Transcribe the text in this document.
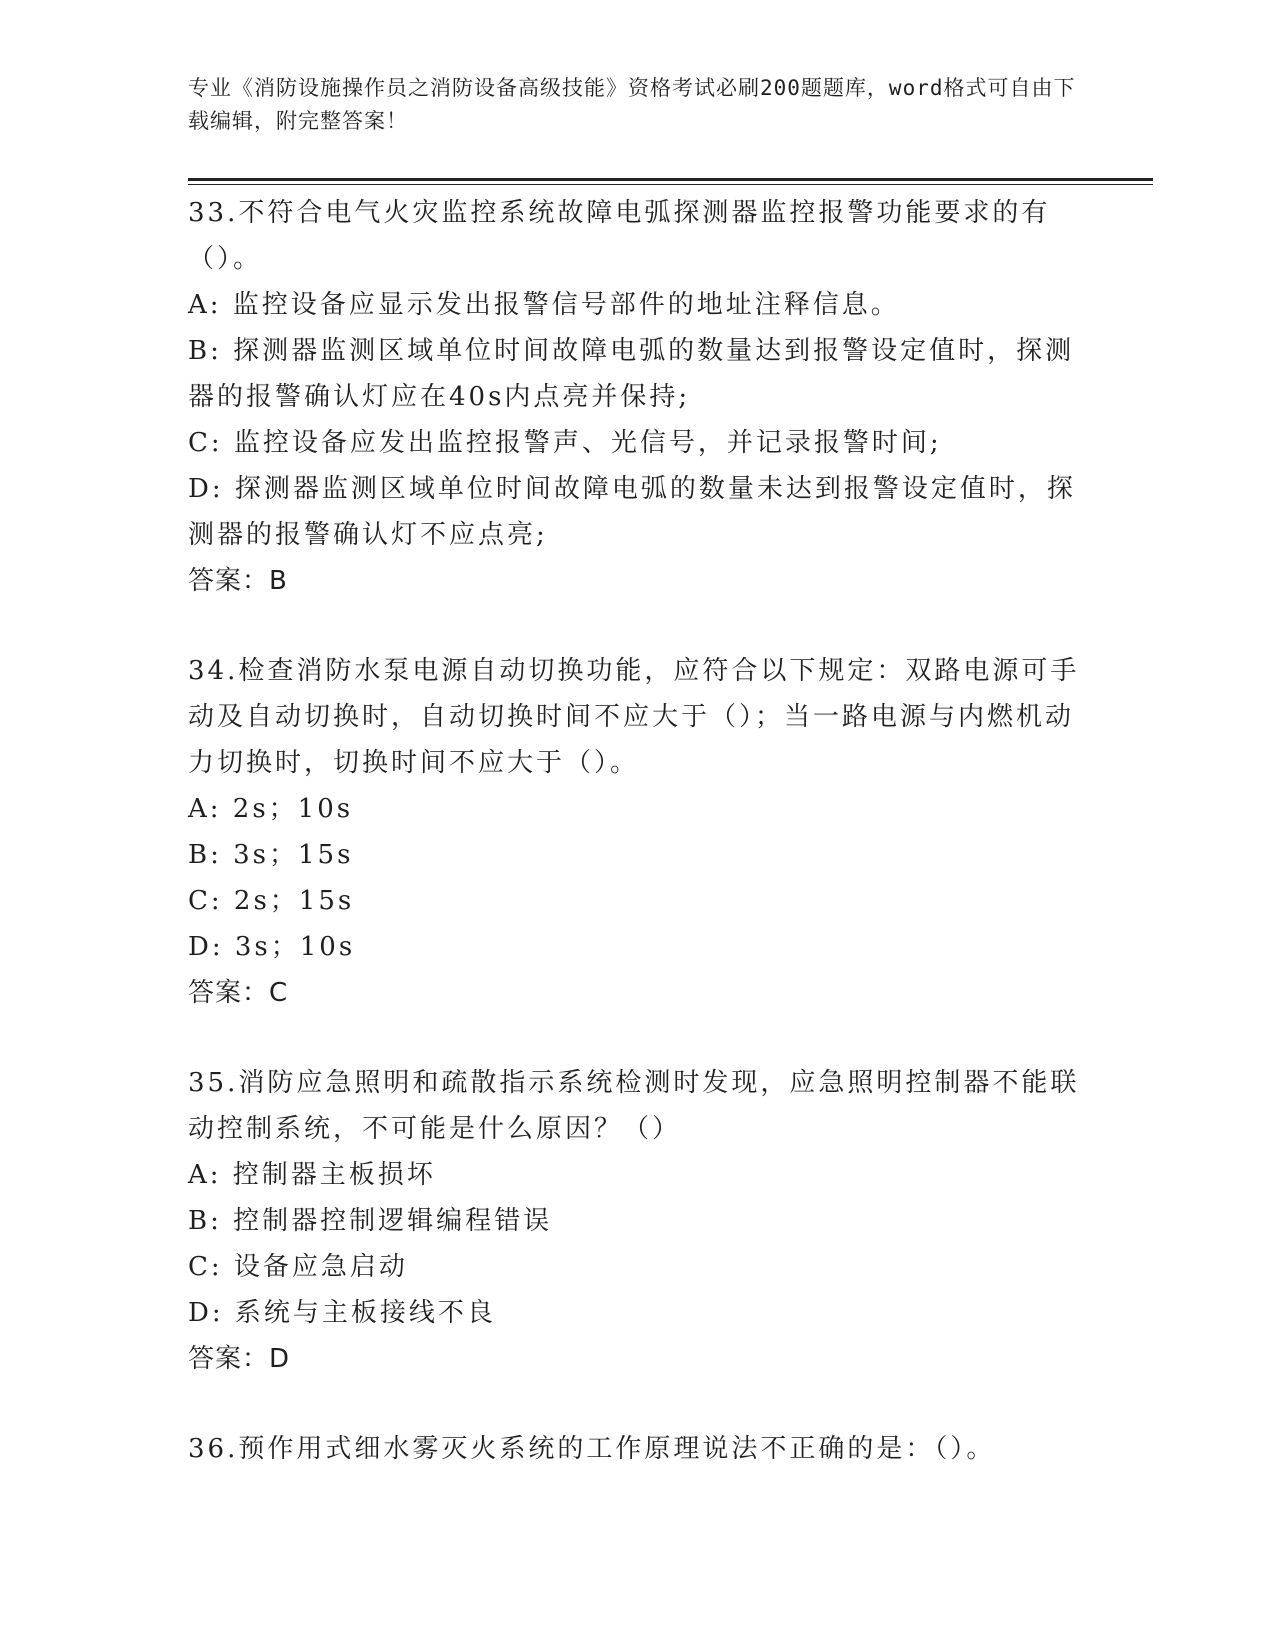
专业《消防设施操作员之消防设备高级技能》资格考试必刷200题题库，word格式可自由下载编辑，附完整答案！
33.不符合电气火灾监控系统故障电弧探测器监控报警功能要求的有（）。
A: 监控设备应显示发出报警信号部件的地址注释信息。
B: 探测器监测区域单位时间故障电弧的数量达到报警设定值时，探测器的报警确认灯应在40s内点亮并保持;
C: 监控设备应发出监控报警声、光信号，并记录报警时间;
D: 探测器监测区域单位时间故障电弧的数量未达到报警设定值时，探测器的报警确认灯不应点亮;
答案：B
34.检查消防水泵电源自动切换功能，应符合以下规定：双路电源可手动及自动切换时，自动切换时间不应大于（）；当一路电源与内燃机动力切换时，切换时间不应大于（）。
A: 2s；10s
B: 3s；15s
C: 2s；15s
D: 3s；10s
答案：C
35.消防应急照明和疏散指示系统检测时发现，应急照明控制器不能联动控制系统，不可能是什么原因？（）
A: 控制器主板损坏
B: 控制器控制逻辑编程错误
C: 设备应急启动
D: 系统与主板接线不良
答案：D
36.预作用式细水雾灭火系统的工作原理说法不正确的是：（）。
